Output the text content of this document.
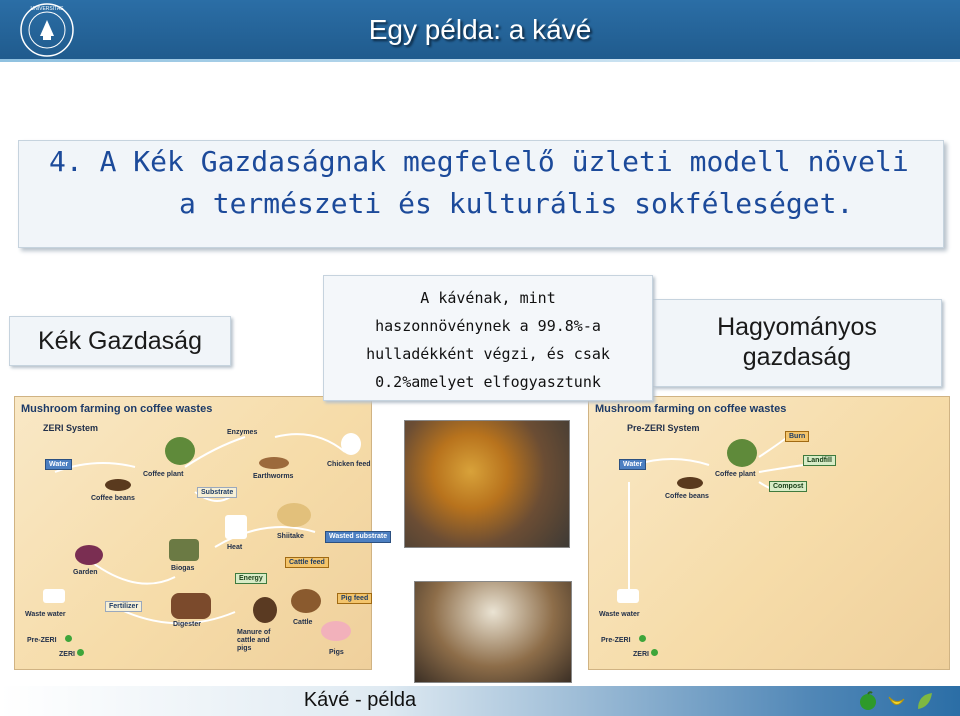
UNIVERSITAS
Egy példa: a kávé
4. A Kék Gazdaságnak megfelelő üzleti modell növeli
a természeti és kulturális sokféleséget.
Kék Gazdaság	Hagyományos
gazdaság
Mushroom farming on coffee wastes
ZERI System
Water
Coffee plant
Coffee beans
Enzymes
Earthworms
Chicken feed
Substrate
Heat
Shiitake	Wasted substrate
Garden
Biogas
Energy
Cattle feed
Fertilizer
Digester
Pig feed
Manure of cattle and pigs
Cattle
Pigs
Waste water
Pre-ZERI
ZERI
Mushroom farming on coffee wastes
Pre-ZERI System
Burn
Water
Coffee plant
Landfill
Coffee beans
Compost
Waste water
Pre-ZERI
ZERI
A kávénak, mint
haszonnövénynek a 99.8%-a
hulladékként végzi, és csak
0.2%amelyet elfogyasztunk
Kávé - példa
